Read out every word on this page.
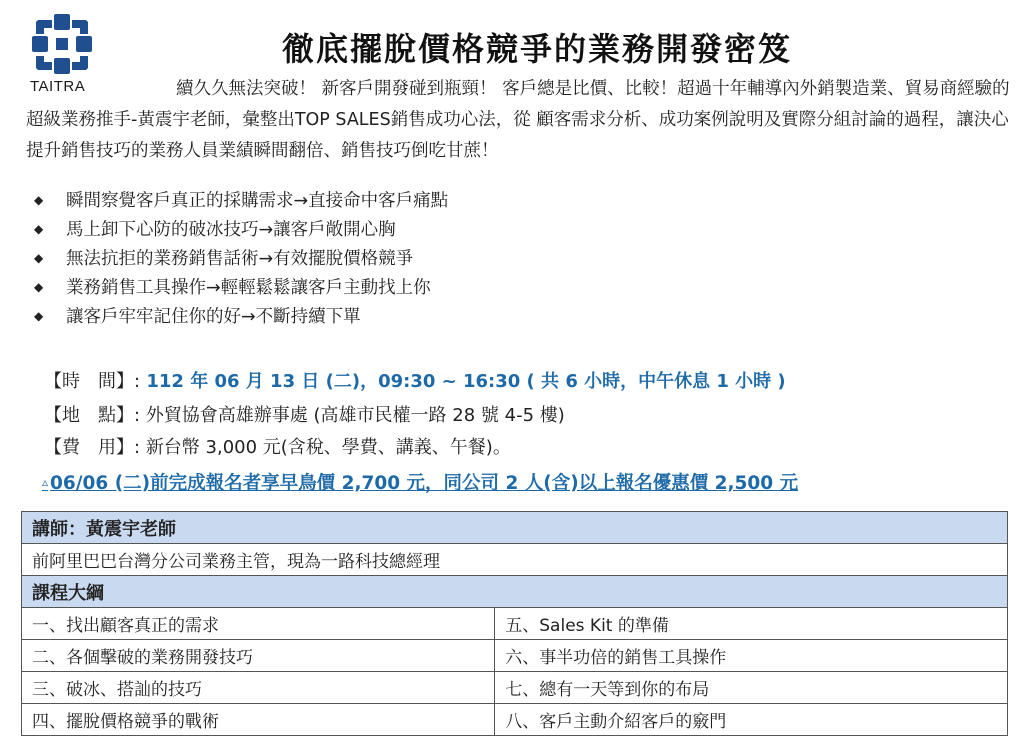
TAITRA
徹底擺脫價格競爭的業務開發密笈
續久久無法突破！ 新客戶開發碰到瓶頸！ 客戶總是比價、比較！超過十年輔導內外銷製造業、貿易商經驗的超級業務推手-黃震宇老師，彙整出TOP SALES銷售成功心法，從 顧客需求分析、成功案例說明及實際分組討論的過程，讓決心提升銷售技巧的業務人員業績瞬間翻倍、銷售技巧倒吃甘蔗！
◆ 瞬間察覺客戶真正的採購需求→直接命中客戶痛點
◆ 馬上卸下心防的破冰技巧→讓客戶敞開心胸
◆ 無法抗拒的業務銷售話術→有效擺脫價格競爭
◆ 業務銷售工具操作→輕輕鬆鬆讓客戶主動找上你
◆ 讓客戶牢牢記住你的好→不斷持續下單
【時　間】: 112 年 06 月 13 日 (二)，09:30 ~ 16:30 ( 共 6 小時，中午休息 1 小時 )
【地　點】: 外貿協會高雄辦事處 (高雄市民權一路 28 號 4-5 樓)
【費　用】: 新台幣 3,000 元(含稅、學費、講義、午餐)。
▵ 06/06 (二)前完成報名者享早鳥價 2,700 元，同公司 2 人(含)以上報名優惠價 2,500 元
講師：黃震宇老師	
前阿里巴巴台灣分公司業務主管，現為一路科技總經理	
課程大綱	
一、找出顧客真正的需求	五、Sales Kit 的準備
二、各個擊破的業務開發技巧	六、事半功倍的銷售工具操作
三、破冰、搭訕的技巧	七、總有一天等到你的布局
四、擺脫價格競爭的戰術	八、客戶主動介紹客戶的竅門
